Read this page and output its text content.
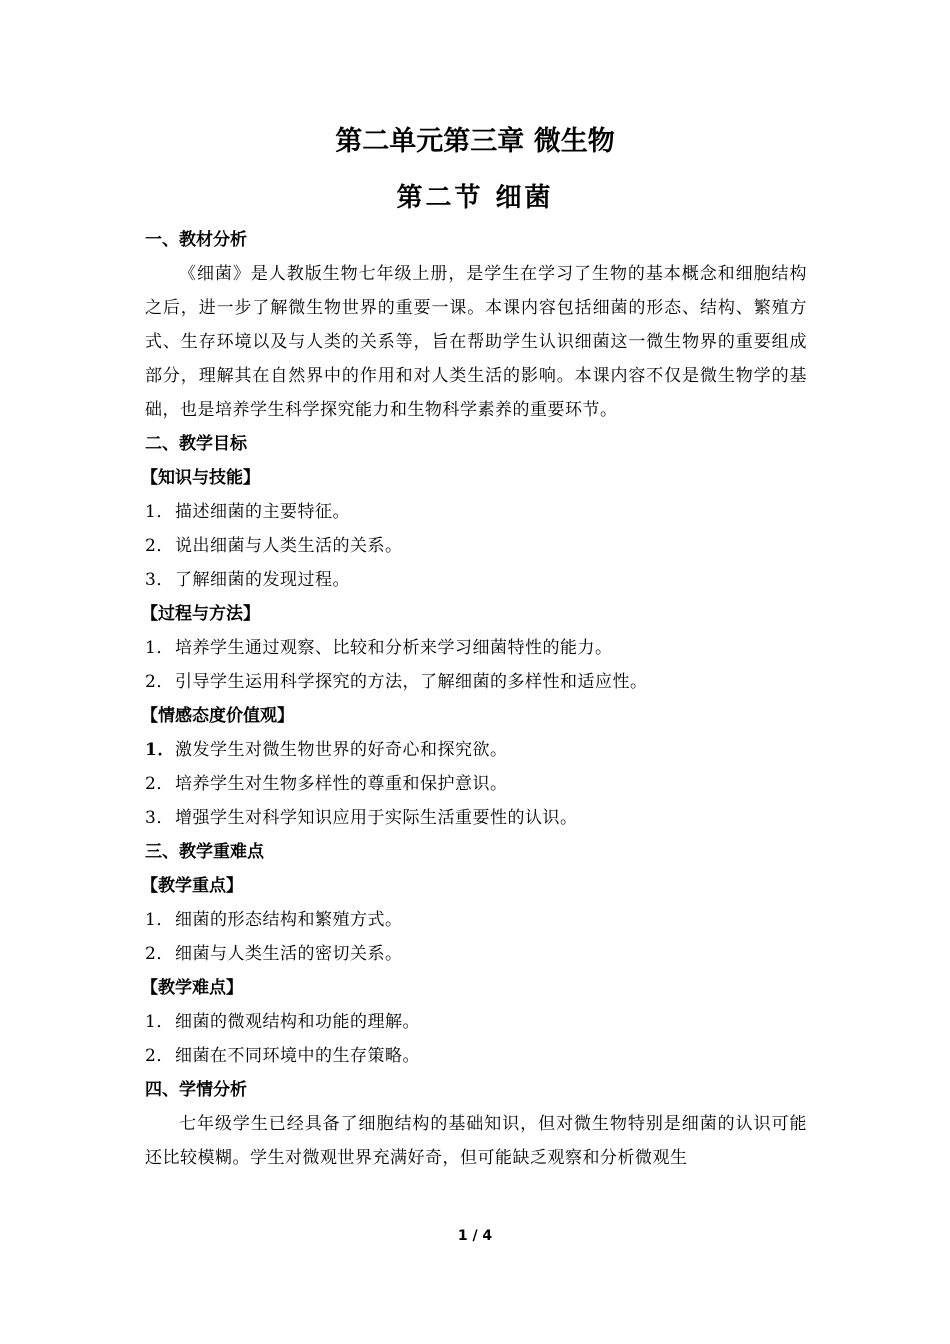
第二单元第三章 微生物
第二节 细菌
一、教材分析
《细菌》是人教版生物七年级上册，是学生在学习了生物的基本概念和细胞结构之后，进一步了解微生物世界的重要一课。本课内容包括细菌的形态、结构、繁殖方式、生存环境以及与人类的关系等，旨在帮助学生认识细菌这一微生物界的重要组成部分，理解其在自然界中的作用和对人类生活的影响。本课内容不仅是微生物学的基础，也是培养学生科学探究能力和生物科学素养的重要环节。
二、教学目标
【知识与技能】
1．描述细菌的主要特征。
2．说出细菌与人类生活的关系。
3．了解细菌的发现过程。
【过程与方法】
1．培养学生通过观察、比较和分析来学习细菌特性的能力。
2．引导学生运用科学探究的方法，了解细菌的多样性和适应性。
【情感态度价值观】
1．激发学生对微生物世界的好奇心和探究欲。
2．培养学生对生物多样性的尊重和保护意识。
3．增强学生对科学知识应用于实际生活重要性的认识。
三、教学重难点
【教学重点】
1．细菌的形态结构和繁殖方式。
2．细菌与人类生活的密切关系。
【教学难点】
1．细菌的微观结构和功能的理解。
2．细菌在不同环境中的生存策略。
四、学情分析
七年级学生已经具备了细胞结构的基础知识，但对微生物特别是细菌的认识可能还比较模糊。学生对微观世界充满好奇，但可能缺乏观察和分析微观生
1 / 4
